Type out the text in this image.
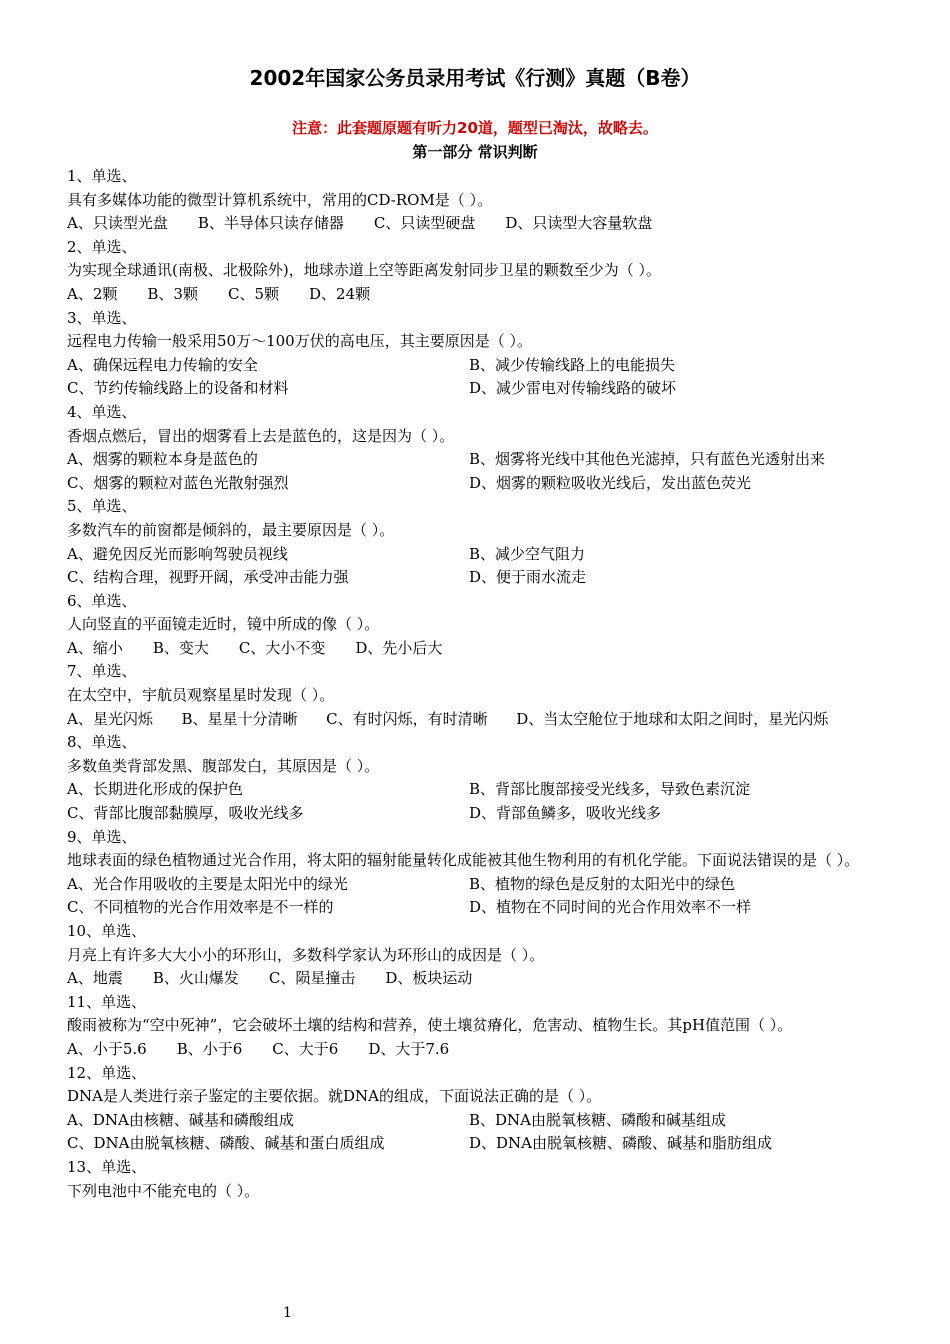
2002年国家公务员录用考试《行测》真题（B卷）
注意：此套题原题有听力20道，题型已淘汰，故略去。
第一部分 常识判断
1、单选、
具有多媒体功能的微型计算机系统中，常用的CD-ROM是（ ）。
A、只读型光盘 B、半导体只读存储器 C、只读型硬盘 D、只读型大容量软盘
2、单选、
为实现全球通讯(南极、北极除外)，地球赤道上空等距离发射同步卫星的颗数至少为（ ）。
A、2颗 B、3颗 C、5颗 D、24颗
3、单选、
远程电力传输一般采用50万～100万伏的高电压，其主要原因是（ ）。
A、确保远程电力传输的安全	B、减少传输线路上的电能损失
C、节约传输线路上的设备和材料	D、减少雷电对传输线路的破坏
4、单选、
香烟点燃后，冒出的烟雾看上去是蓝色的，这是因为（ ）。
A、烟雾的颗粒本身是蓝色的	B、烟雾将光线中其他色光滤掉，只有蓝色光透射出来
C、烟雾的颗粒对蓝色光散射强烈	D、烟雾的颗粒吸收光线后，发出蓝色荧光
5、单选、
多数汽车的前窗都是倾斜的，最主要原因是（ ）。
A、避免因反光而影响驾驶员视线	B、减少空气阻力
C、结构合理，视野开阔，承受冲击能力强	D、便于雨水流走
6、单选、
人向竖直的平面镜走近时，镜中所成的像（ ）。
A、缩小 B、变大 C、大小不变 D、先小后大
7、单选、
在太空中，宇航员观察星星时发现（ ）。
A、星光闪烁 B、星星十分清晰 C、有时闪烁，有时清晰 D、当太空舱位于地球和太阳之间时，星光闪烁
8、单选、
多数鱼类背部发黑、腹部发白，其原因是（ ）。
A、长期进化形成的保护色	B、背部比腹部接受光线多，导致色素沉淀
C、背部比腹部黏膜厚，吸收光线多	D、背部鱼鳞多，吸收光线多
9、单选、
地球表面的绿色植物通过光合作用，将太阳的辐射能量转化成能被其他生物利用的有机化学能。下面说法错误的是（ ）。
A、光合作用吸收的主要是太阳光中的绿光	B、植物的绿色是反射的太阳光中的绿色
C、不同植物的光合作用效率是不一样的	D、植物在不同时间的光合作用效率不一样
10、单选、
月亮上有许多大大小小的环形山，多数科学家认为环形山的成因是（ ）。
A、地震 B、火山爆发 C、陨星撞击 D、板块运动
11、单选、
酸雨被称为“空中死神”，它会破坏土壤的结构和营养，使土壤贫瘠化，危害动、植物生长。其pH值范围（ ）。
A、小于5.6 B、小于6 C、大于6 D、大于7.6
12、单选、
DNA是人类进行亲子鉴定的主要依据。就DNA的组成，下面说法正确的是（ ）。
A、DNA由核糖、碱基和磷酸组成	B、DNA由脱氧核糖、磷酸和碱基组成
C、DNA由脱氧核糖、磷酸、碱基和蛋白质组成	D、DNA由脱氧核糖、磷酸、碱基和脂肪组成
13、单选、
下列电池中不能充电的（ ）。
1
